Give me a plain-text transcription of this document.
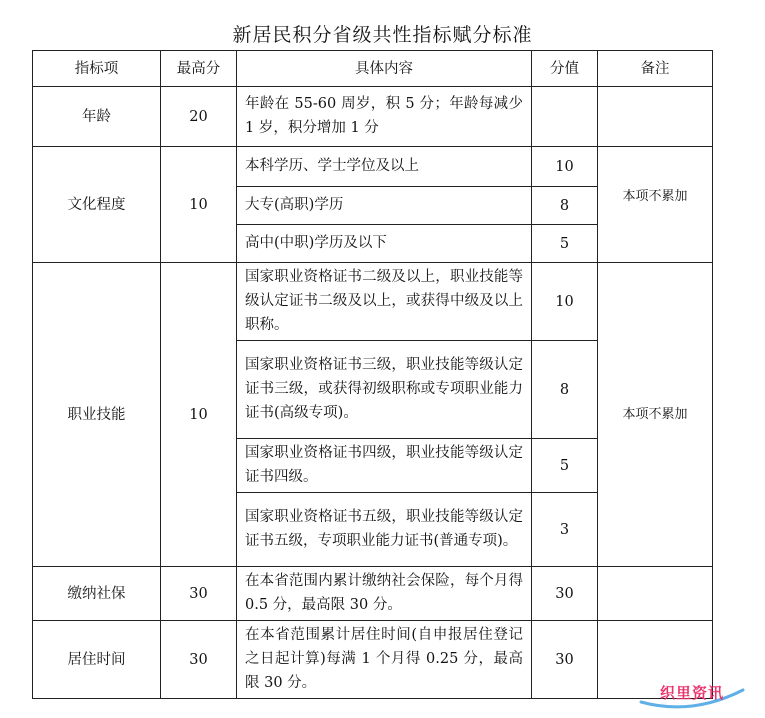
新居民积分省级共性指标赋分标准
指标项	最高分	具体内容	分值	备注
年龄	20	年龄在 55-60 周岁，积 5 分；年龄每减少 1 岁，积分增加 1 分		
文化程度	10	本科学历、学士学位及以上	10	本项不累加
		大专(高职)学历	8	
		高中(中职)学历及以下	5	
职业技能	10	国家职业资格证书二级及以上，职业技能等级认定证书二级及以上，或获得中级及以上职称。	10	本项不累加
		国家职业资格证书三级，职业技能等级认定证书三级，或获得初级职称或专项职业能力证书(高级专项)。	8	
		国家职业资格证书四级，职业技能等级认定证书四级。	5	
		国家职业资格证书五级，职业技能等级认定证书五级，专项职业能力证书(普通专项)。	3	
缴纳社保	30	在本省范围内累计缴纳社会保险，每个月得 0.5 分，最高限 30 分。	30	
居住时间	30	在本省范围累计居住时间(自申报居住登记之日起计算)每满 1 个月得 0.25 分，最高限 30 分。	30	
织里资讯
